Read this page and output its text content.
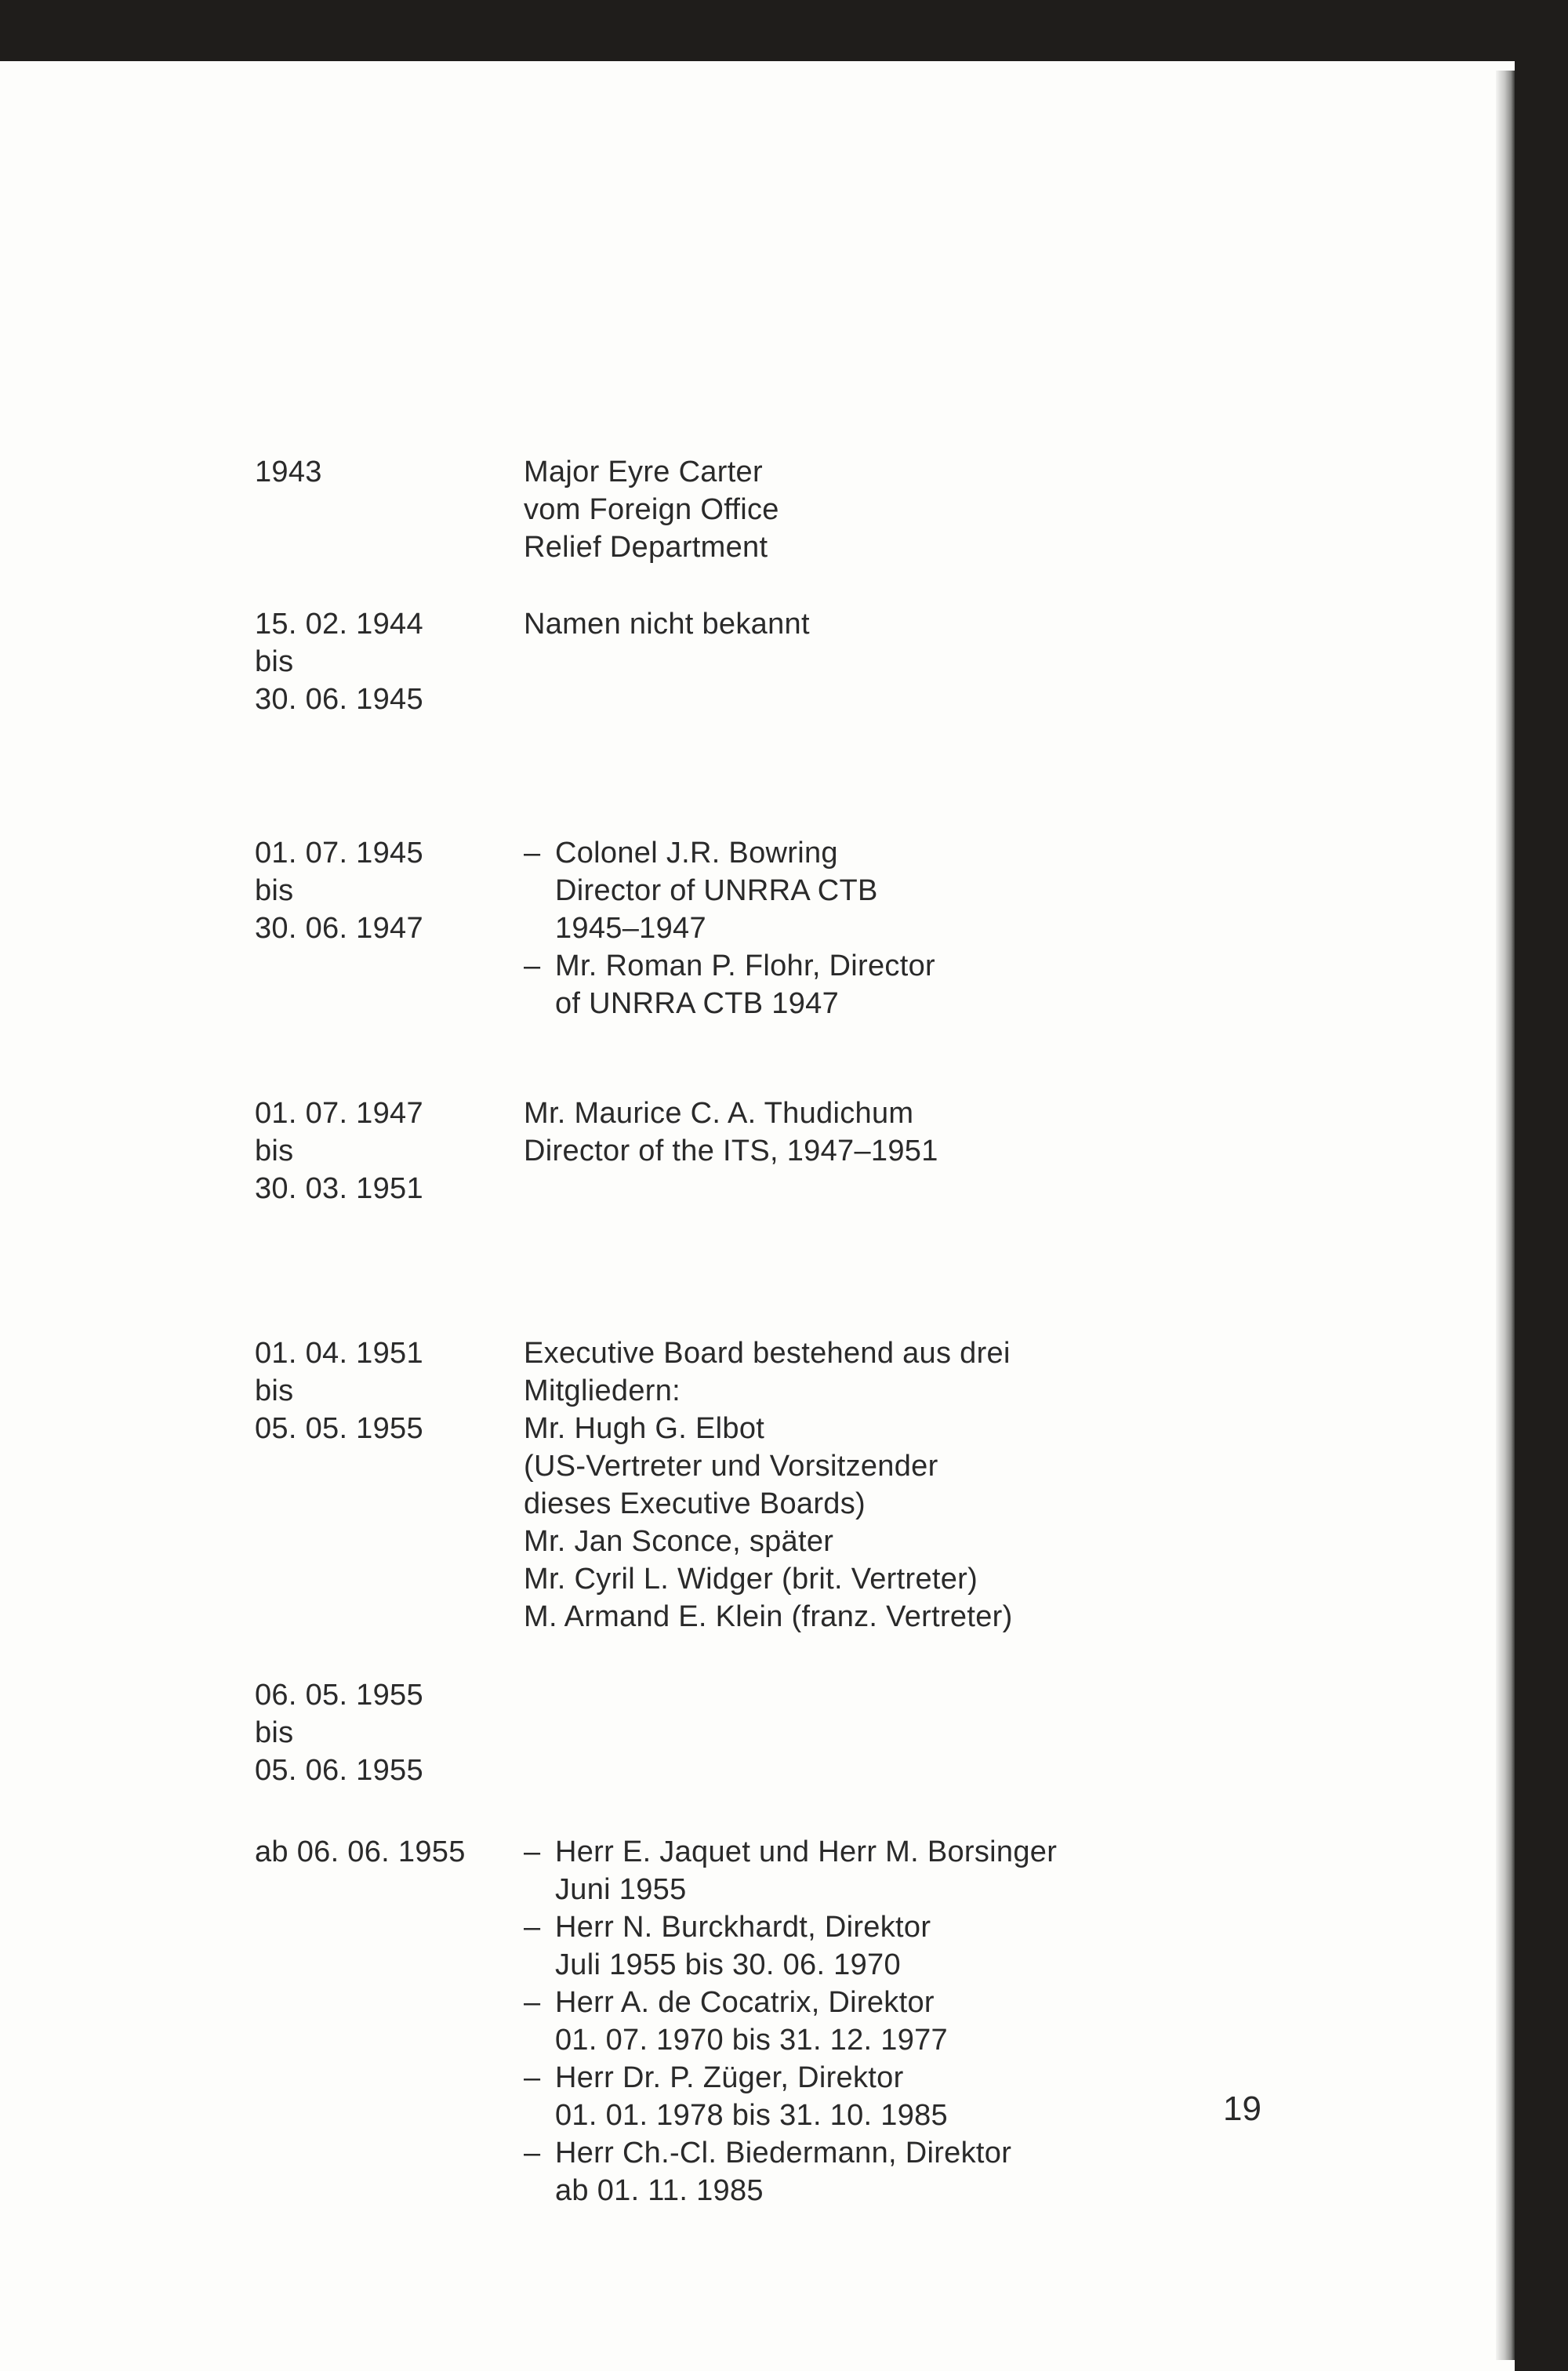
1943	Major Eyre Carter
vom Foreign Office
Relief Department
15. 02. 1944
bis
30. 06. 1945
Namen nicht bekannt
01. 07. 1945
bis
30. 06. 1947
– Colonel J.R. Bowring
Director of UNRRA CTB
1945–1947
– Mr. Roman P. Flohr, Director
of UNRRA CTB 1947
01. 07. 1947
bis
30. 03. 1951
Mr. Maurice C. A. Thudichum
Director of the ITS, 1947–1951
01. 04. 1951
bis
05. 05. 1955
Executive Board bestehend aus drei
Mitgliedern:
Mr. Hugh G. Elbot
(US-Vertreter und Vorsitzender
dieses Executive Boards)
Mr. Jan Sconce, später
Mr. Cyril L. Widger (brit. Vertreter)
M. Armand E. Klein (franz. Vertreter)
06. 05. 1955
bis
05. 06. 1955
ab 06. 06. 1955	– Herr E. Jaquet und Herr M. Borsinger
Juni 1955
– Herr N. Burckhardt, Direktor
Juli 1955 bis 30. 06. 1970
– Herr A. de Cocatrix, Direktor
01. 07. 1970 bis 31. 12. 1977
– Herr Dr. P. Züger, Direktor
01. 01. 1978 bis 31. 10. 1985
– Herr Ch.-Cl. Biedermann, Direktor
ab 01. 11. 1985
19
